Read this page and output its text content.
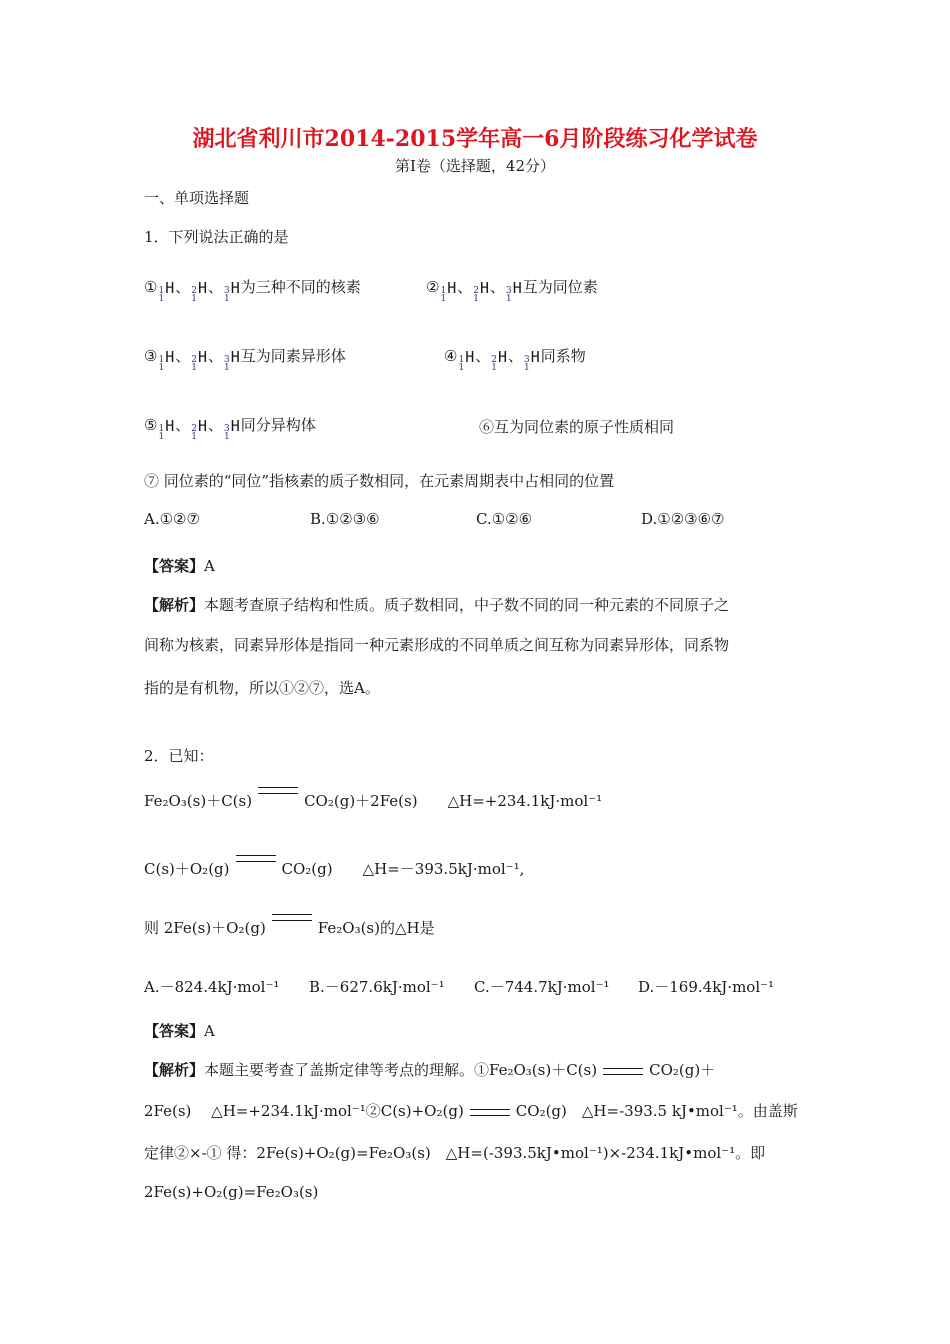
湖北省利川市2014-2015学年高一6月阶段练习化学试卷
第I卷（选择题，42分）
一、单项选择题
1．下列说法正确的是
① 1
1
H 、 2
1
H 、 3
1
H 为三种不同的核素	② 1
1
H 、 2
1
H 、 3
1
H 互为同位素
③ 1
1
H 、 2
1
H 、 3
1
H 互为同素异形体	④ 1
1
H 、 2
1
H 、 3
1
H 同系物
⑤ 1
1
H 、 2
1
H 、 3
1
H 同分异构体	⑥互为同位素的原子性质相同
⑦ 同位素的“同位”指核素的质子数相同，在元素周期表中占相同的位置
A.①②⑦	B.①②③⑥	C.①②⑥	D.①②③⑥⑦
【答案】A
【解析】本题考查原子结构和性质。质子数相同，中子数不同的同一种元素的不同原子之
间称为核素，同素异形体是指同一种元素形成的不同单质之间互称为同素异形体，同系物
指的是有机物，所以①②⑦，选A。
2．已知：
Fe₂O₃(s)＋C(s)	CO₂(g)＋2Fe(s)　　 △H=+234.1kJ·mol⁻¹
C(s)＋O₂(g)	CO₂(g)　　 △H=－393.5kJ·mol⁻¹,
则 2Fe(s)＋O₂(g)	Fe₂O₃(s)的△H是
A.－824.4kJ·mol⁻¹ B.－627.6kJ·mol⁻¹ C.－744.7kJ·mol⁻¹ D.－169.4kJ·mol⁻¹
【答案】A
【解析】本题主要考查了盖斯定律等考点的理解。①Fe₂O₃(s)＋C(s)	CO₂(g)＋
2Fe(s)　 △H=+234.1kJ·mol⁻¹②C(s)+O₂(g)	CO₂(g)　△H=-393.5 kJ•mol⁻¹。由盖斯
定律②×-① 得：2Fe(s)+O₂(g)=Fe₂O₃(s)　△H=(-393.5kJ•mol⁻¹)×-234.1kJ•mol⁻¹。即
2Fe(s)+O₂(g)=Fe₂O₃(s)
